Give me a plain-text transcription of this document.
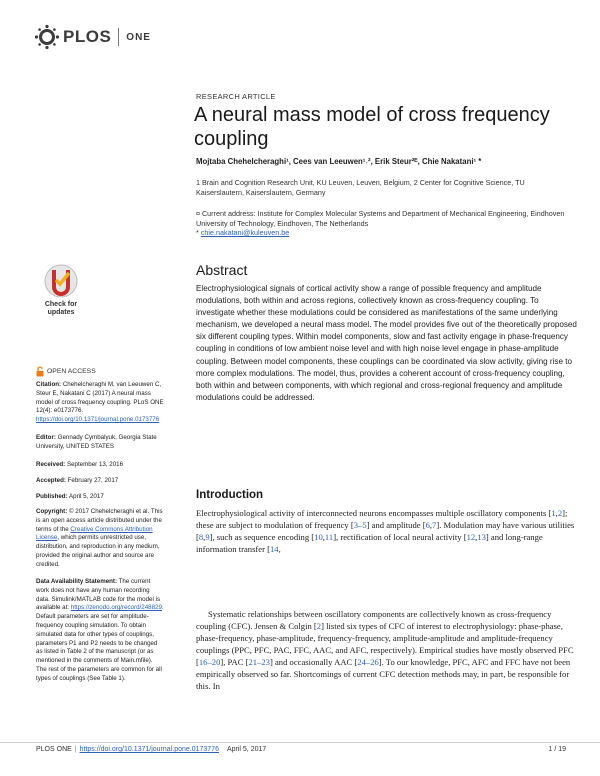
PLOS ONE
RESEARCH ARTICLE
A neural mass model of cross frequency coupling
Mojtaba Chehelcheraghi¹, Cees van Leeuwen¹˒², Erik Steur²ᴱ, Chie Nakatani¹ *
1 Brain and Cognition Research Unit, KU Leuven, Leuven, Belgium, 2 Center for Cognitive Science, TU Kaiserslautern, Kaiserslautern, Germany
¤ Current address: Institute for Complex Molecular Systems and Department of Mechanical Engineering, Eindhoven University of Technology, Eindhoven, The Netherlands
* chie.nakatani@kuleuven.be
Check for updates
OPEN ACCESS

Citation: Chehelcheraghi M, van Leeuwen C, Steur E, Nakatani C (2017) A neural mass model of cross frequency coupling. PLoS ONE 12(4): e0173776. https://doi.org/10.1371/journal.pone.0173776

Editor: Gennady Cymbalyuk, Georgia State University, UNITED STATES

Received: September 13, 2016

Accepted: February 27, 2017

Published: April 5, 2017

Copyright: © 2017 Chehelcheraghi et al. This is an open access article distributed under the terms of the Creative Commons Attribution License, which permits unrestricted use, distribution, and reproduction in any medium, provided the original author and source are credited.

Data Availability Statement: The current work does not have any human recording data. Simulink/MATLAB code for the model is available at: https://zenodo.org/record/248829. Default parameters are set for amplitude-frequency coupling simulation. To obtain simulated data for other types of couplings, parameters P1 and P2 needs to be changed as listed in Table 2 of the manuscript (or as mentioned in the comments of Main.mfile). The rest of the parameters are common for all types of couplings (See Table 1).

Abstract

Electrophysiological signals of cortical activity show a range of possible frequency and amplitude modulations, both within and across regions, collectively known as cross-frequency coupling. To investigate whether these modulations could be considered as manifestations of the same underlying mechanism, we developed a neural mass model. The model provides five out of the theoretically proposed six different coupling types. Within model components, slow and fast activity engage in phase-frequency coupling in conditions of low ambient noise level and with high noise level engage in phase-amplitude coupling. Between model components, these couplings can be coordinated via slow activity, giving rise to more complex modulations. The model, thus, provides a coherent account of cross-frequency coupling, both within and between components, with which regional and cross-regional frequency and amplitude modulations could be addressed.

Introduction

Electrophysiological activity of interconnected neurons encompasses multiple oscillatory components [1,2]; these are subject to modulation of frequency [3–5] and amplitude [6,7]. Modulation may have various utilities [8,9], such as sequence encoding [10,11], rectification of local neural activity [12,13] and long-range information transfer [14,

Systematic relationships between oscillatory components are collectively known as cross-frequency coupling (CFC). Jensen & Colgin [2] listed six types of CFC of interest to electrophysiology: phase-phase, phase-frequency, phase-amplitude, frequency-frequency, amplitude-amplitude and amplitude-frequency couplings (PPC, PFC, PAC, FFC, AAC, and AFC, respectively). Empirical studies have mostly observed PFC [16–20], PAC [21–23] and occasionally AAC [24–26]. To our knowledge, PFC, AFC and FFC have not been empirically observed so far. Shortcomings of current CFC detection methods may, in part, be responsible for this. In

PLOS ONE | https://doi.org/10.1371/journal.pone.0173776 April 5, 2017	1 / 19
